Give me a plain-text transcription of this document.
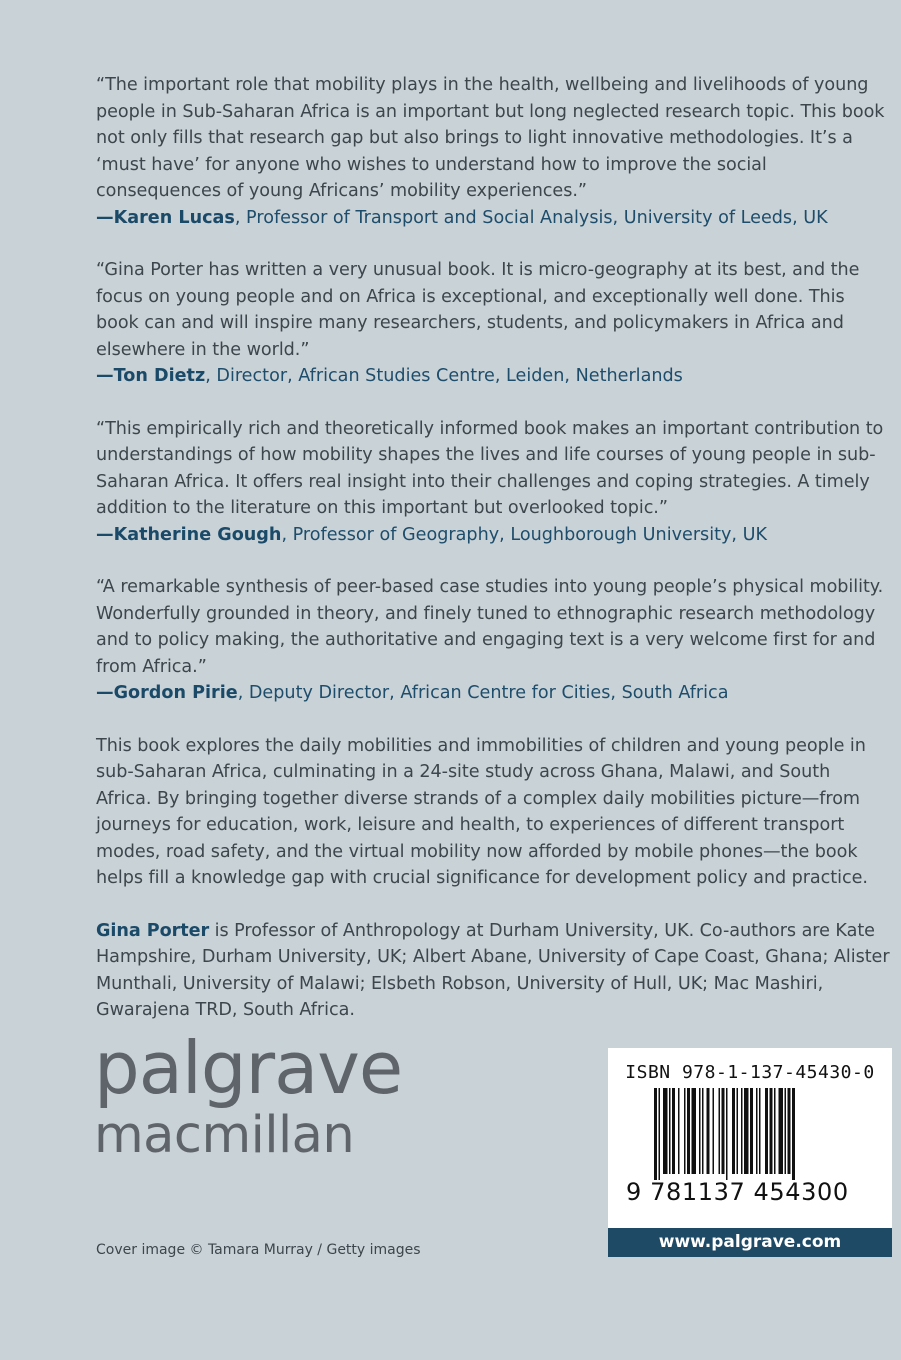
“The important role that mobility plays in the health, wellbeing and livelihoods of young people in Sub-Saharan Africa is an important but long neglected research topic. This book not only fills that research gap but also brings to light innovative methodologies. It’s a ‘must have’ for anyone who wishes to understand how to improve the social consequences of young Africans’ mobility experiences.”

—Karen Lucas, Professor of Transport and Social Analysis, University of Leeds, UK

“Gina Porter has written a very unusual book. It is micro-geography at its best, and the focus on young people and on Africa is exceptional, and exceptionally well done. This book can and will inspire many researchers, students, and policymakers in Africa and elsewhere in the world.”

—Ton Dietz, Director, African Studies Centre, Leiden, Netherlands

“This empirically rich and theoretically informed book makes an important contribution to understandings of how mobility shapes the lives and life courses of young people in sub-Saharan Africa. It offers real insight into their challenges and coping strategies. A timely addition to the literature on this important but overlooked topic.”

—Katherine Gough, Professor of Geography, Loughborough University, UK

“A remarkable synthesis of peer-based case studies into young people’s physical mobility. Wonderfully grounded in theory, and finely tuned to ethnographic research methodology and to policy making, the authoritative and engaging text is a very welcome first for and from Africa.”

—Gordon Pirie, Deputy Director, African Centre for Cities, South Africa

This book explores the daily mobilities and immobilities of children and young people in sub-Saharan Africa, culminating in a 24-site study across Ghana, Malawi, and South Africa. By bringing together diverse strands of a complex daily mobilities picture—from journeys for education, work, leisure and health, to experiences of different transport modes, road safety, and the virtual mobility now afforded by mobile phones—the book helps fill a knowledge gap with crucial significance for development policy and practice.

Gina Porter is Professor of Anthropology at Durham University, UK. Co-authors are Kate Hampshire, Durham University, UK; Albert Abane, University of Cape Coast, Ghana; Alister Munthali, University of Malawi; Elsbeth Robson, University of Hull, UK; Mac Mashiri, Gwarajena TRD, South Africa.

palgrave
macmillan
Cover image © Tamara Murray / Getty images
ISBN 978-1-137-45430-0
9 781137 454300
www.palgrave.com
